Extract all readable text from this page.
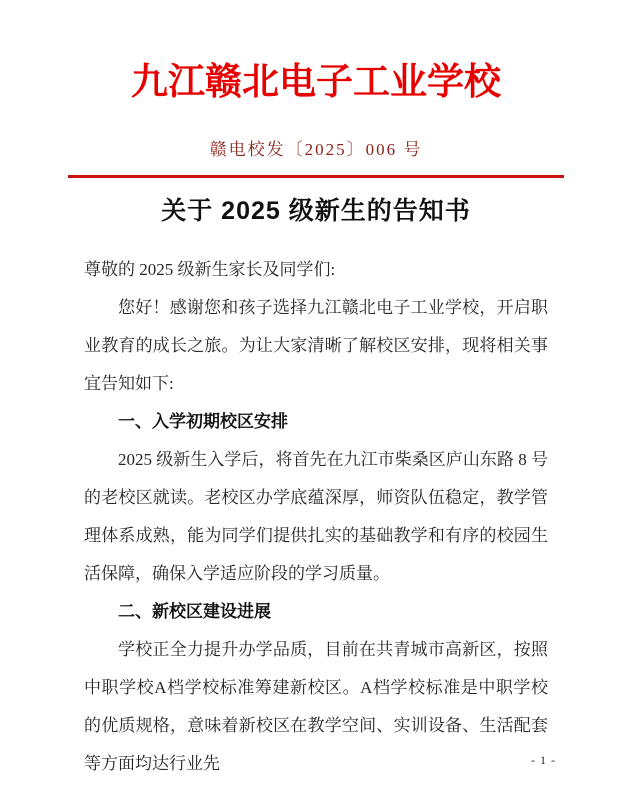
九江赣北电子工业学校
赣电校发〔2025〕006 号
关于 2025 级新生的告知书

尊敬的 2025 级新生家长及同学们:

您好！感谢您和孩子选择九江赣北电子工业学校，开启职业教育的成长之旅。为让大家清晰了解校区安排，现将相关事宜告知如下:

一、入学初期校区安排

2025 级新生入学后，将首先在九江市柴桑区庐山东路 8 号的老校区就读。老校区办学底蕴深厚，师资队伍稳定，教学管理体系成熟，能为同学们提供扎实的基础教学和有序的校园生活保障，确保入学适应阶段的学习质量。

二、新校区建设进展

学校正全力提升办学品质，目前在共青城市高新区，按照中职学校A档学校标准筹建新校区。A档学校标准是中职学校的优质规格，意味着新校区在教学空间、实训设备、生活配套等方面均达行业先	- 1 -
